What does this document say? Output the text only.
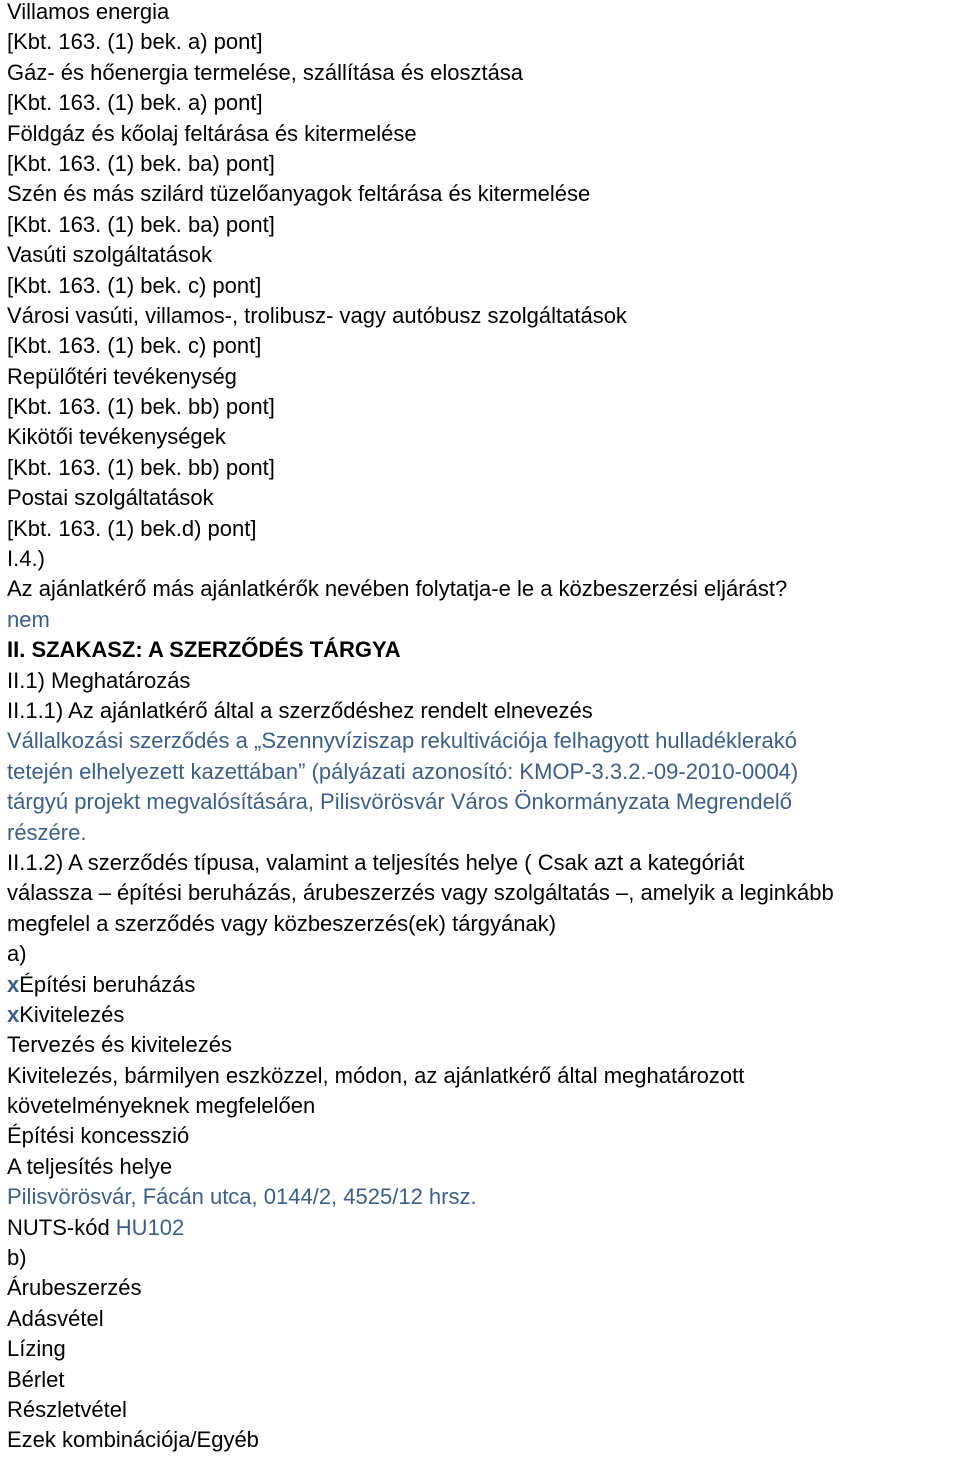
Villamos energia
[Kbt. 163. (1) bek. a) pont]
Gáz- és hőenergia termelése, szállítása és elosztása
[Kbt. 163. (1) bek. a) pont]
Földgáz és kőolaj feltárása és kitermelése
[Kbt. 163. (1) bek. ba) pont]
Szén és más szilárd tüzelőanyagok feltárása és kitermelése
[Kbt. 163. (1) bek. ba) pont]
Vasúti szolgáltatások
[Kbt. 163. (1) bek. c) pont]
Városi vasúti, villamos-, trolibusz- vagy autóbusz szolgáltatások
[Kbt. 163. (1) bek. c) pont]
Repülőtéri tevékenység
[Kbt. 163. (1) bek. bb) pont]
Kikötői tevékenységek
[Kbt. 163. (1) bek. bb) pont]
Postai szolgáltatások
[Kbt. 163. (1) bek.d) pont]
I.4.)
Az ajánlatkérő más ajánlatkérők nevében folytatja-e le a közbeszerzési eljárást?
nem
II. SZAKASZ: A SZERZŐDÉS TÁRGYA
II.1) Meghatározás
II.1.1) Az ajánlatkérő által a szerződéshez rendelt elnevezés
Vállalkozási szerződés a „Szennyvíziszap rekultivációja felhagyott hulladéklerakó
tetején elhelyezett kazettában” (pályázati azonosító: KMOP-3.3.2.-09-2010-0004)
tárgyú projekt megvalósítására, Pilisvörösvár Város Önkormányzata Megrendelő
részére.
II.1.2) A szerződés típusa, valamint a teljesítés helye ( Csak azt a kategóriát
válassza – építési beruházás, árubeszerzés vagy szolgáltatás –, amelyik a leginkább
megfelel a szerződés vagy közbeszerzés(ek) tárgyának)
a)
xÉpítési beruházás
xKivitelezés
Tervezés és kivitelezés
Kivitelezés, bármilyen eszközzel, módon, az ajánlatkérő által meghatározott
követelményeknek megfelelően
Építési koncesszió
A teljesítés helye
Pilisvörösvár, Fácán utca, 0144/2, 4525/12 hrsz.
NUTS-kód HU102
b)
Árubeszerzés
Adásvétel
Lízing
Bérlet
Részletvétel
Ezek kombinációja/Egyéb
